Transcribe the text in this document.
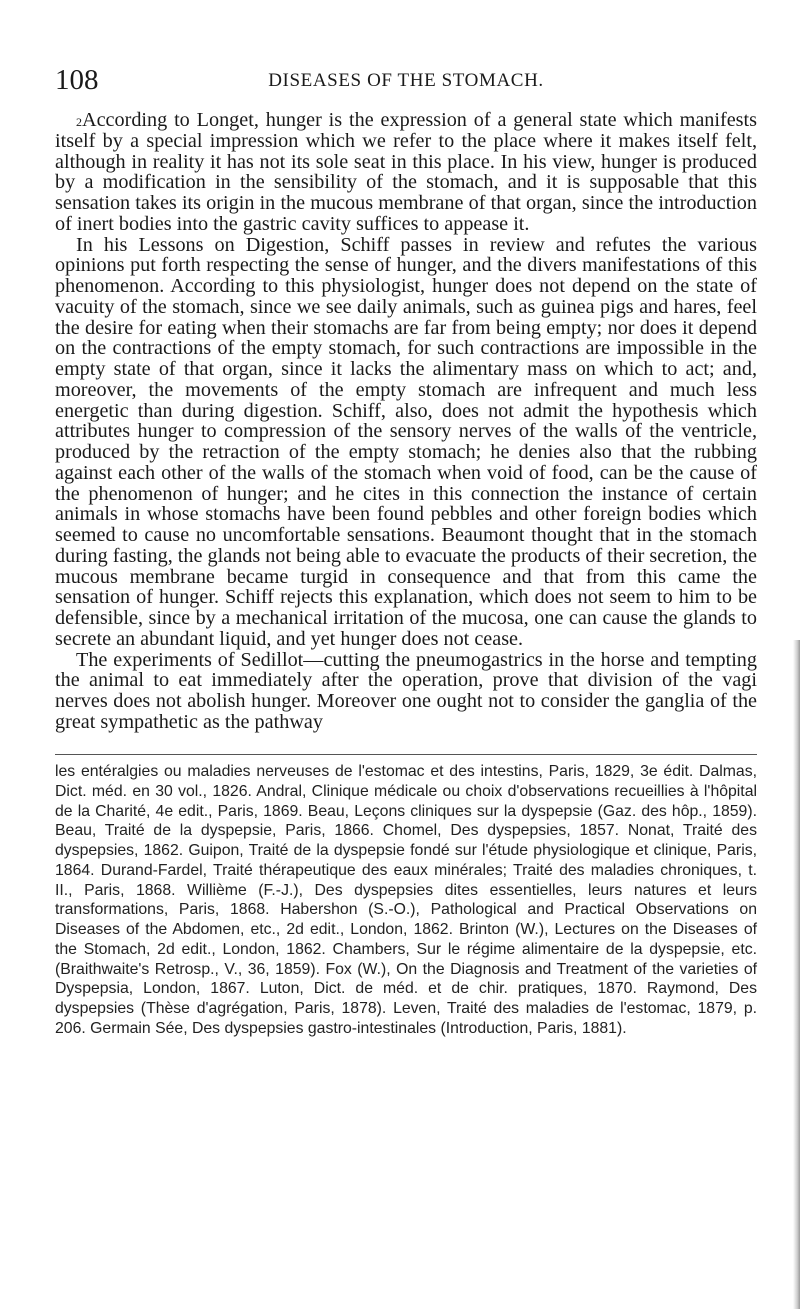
108	DISEASES OF THE STOMACH.

$^2$According to Longet, hunger is the expression of a general state which manifests itself by a special impression which we refer to the place where it makes itself felt, although in reality it has not its sole seat in this place. In his view, hunger is produced by a modification in the sensibility of the stomach, and it is supposable that this sensation takes its origin in the mucous membrane of that organ, since the introduction of inert bodies into the gastric cavity suffices to appease it.

In his Lessons on Digestion, Schiff passes in review and refutes the various opinions put forth respecting the sense of hunger, and the divers manifestations of this phenomenon. According to this physiologist, hunger does not depend on the state of vacuity of the stomach, since we see daily animals, such as guinea pigs and hares, feel the desire for eating when their stomachs are far from being empty; nor does it depend on the contractions of the empty stomach, for such contractions are impossible in the empty state of that organ, since it lacks the alimentary mass on which to act; and, moreover, the movements of the empty stomach are infrequent and much less energetic than during digestion. Schiff, also, does not admit the hypothesis which attributes hunger to compression of the sensory nerves of the walls of the ventricle, produced by the retraction of the empty stomach; he denies also that the rubbing against each other of the walls of the stomach when void of food, can be the cause of the phenomenon of hunger; and he cites in this connection the instance of certain animals in whose stomachs have been found pebbles and other foreign bodies which seemed to cause no uncomfortable sensations. Beaumont thought that in the stomach during fasting, the glands not being able to evacuate the products of their secretion, the mucous membrane became turgid in consequence and that from this came the sensation of hunger. Schiff rejects this explanation, which does not seem to him to be defensible, since by a mechanical irritation of the mucosa, one can cause the glands to secrete an abundant liquid, and yet hunger does not cease.

The experiments of Sedillot—cutting the pneumogastrics in the horse and tempting the animal to eat immediately after the operation, prove that division of the vagi nerves does not abolish hunger. Moreover one ought not to consider the ganglia of the great sympathetic as the pathway

les entéralgies ou maladies nerveuses de l'estomac et des intestins, Paris, 1829, 3e édit. Dalmas, Dict. méd. en 30 vol., 1826. Andral, Clinique médicale ou choix d'observations recueillies à l'hôpital de la Charité, 4e edit., Paris, 1869. Beau, Leçons cliniques sur la dyspepsie (Gaz. des hôp., 1859). Beau, Traité de la dyspepsie, Paris, 1866. Chomel, Des dyspepsies, 1857. Nonat, Traité des dyspepsies, 1862. Guipon, Traité de la dyspepsie fondé sur l'étude physiologique et clinique, Paris, 1864. Durand-Fardel, Traité thérapeutique des eaux minérales; Traité des maladies chroniques, t. II., Paris, 1868. Willième (F.-J.), Des dyspepsies dites essentielles, leurs natures et leurs transformations, Paris, 1868. Habershon (S.-O.), Pathological and Practical Observations on Diseases of the Abdomen, etc., 2d edit., London, 1862. Brinton (W.), Lectures on the Diseases of the Stomach, 2d edit., London, 1862. Chambers, Sur le régime alimentaire de la dyspepsie, etc. (Braithwaite's Retrosp., V., 36, 1859). Fox (W.), On the Diagnosis and Treatment of the varieties of Dyspepsia, London, 1867. Luton, Dict. de méd. et de chir. pratiques, 1870. Raymond, Des dyspepsies (Thèse d'agrégation, Paris, 1878). Leven, Traité des maladies de l'estomac, 1879, p. 206. Germain Sée, Des dyspepsies gastro-intestinales (Introduction, Paris, 1881).
